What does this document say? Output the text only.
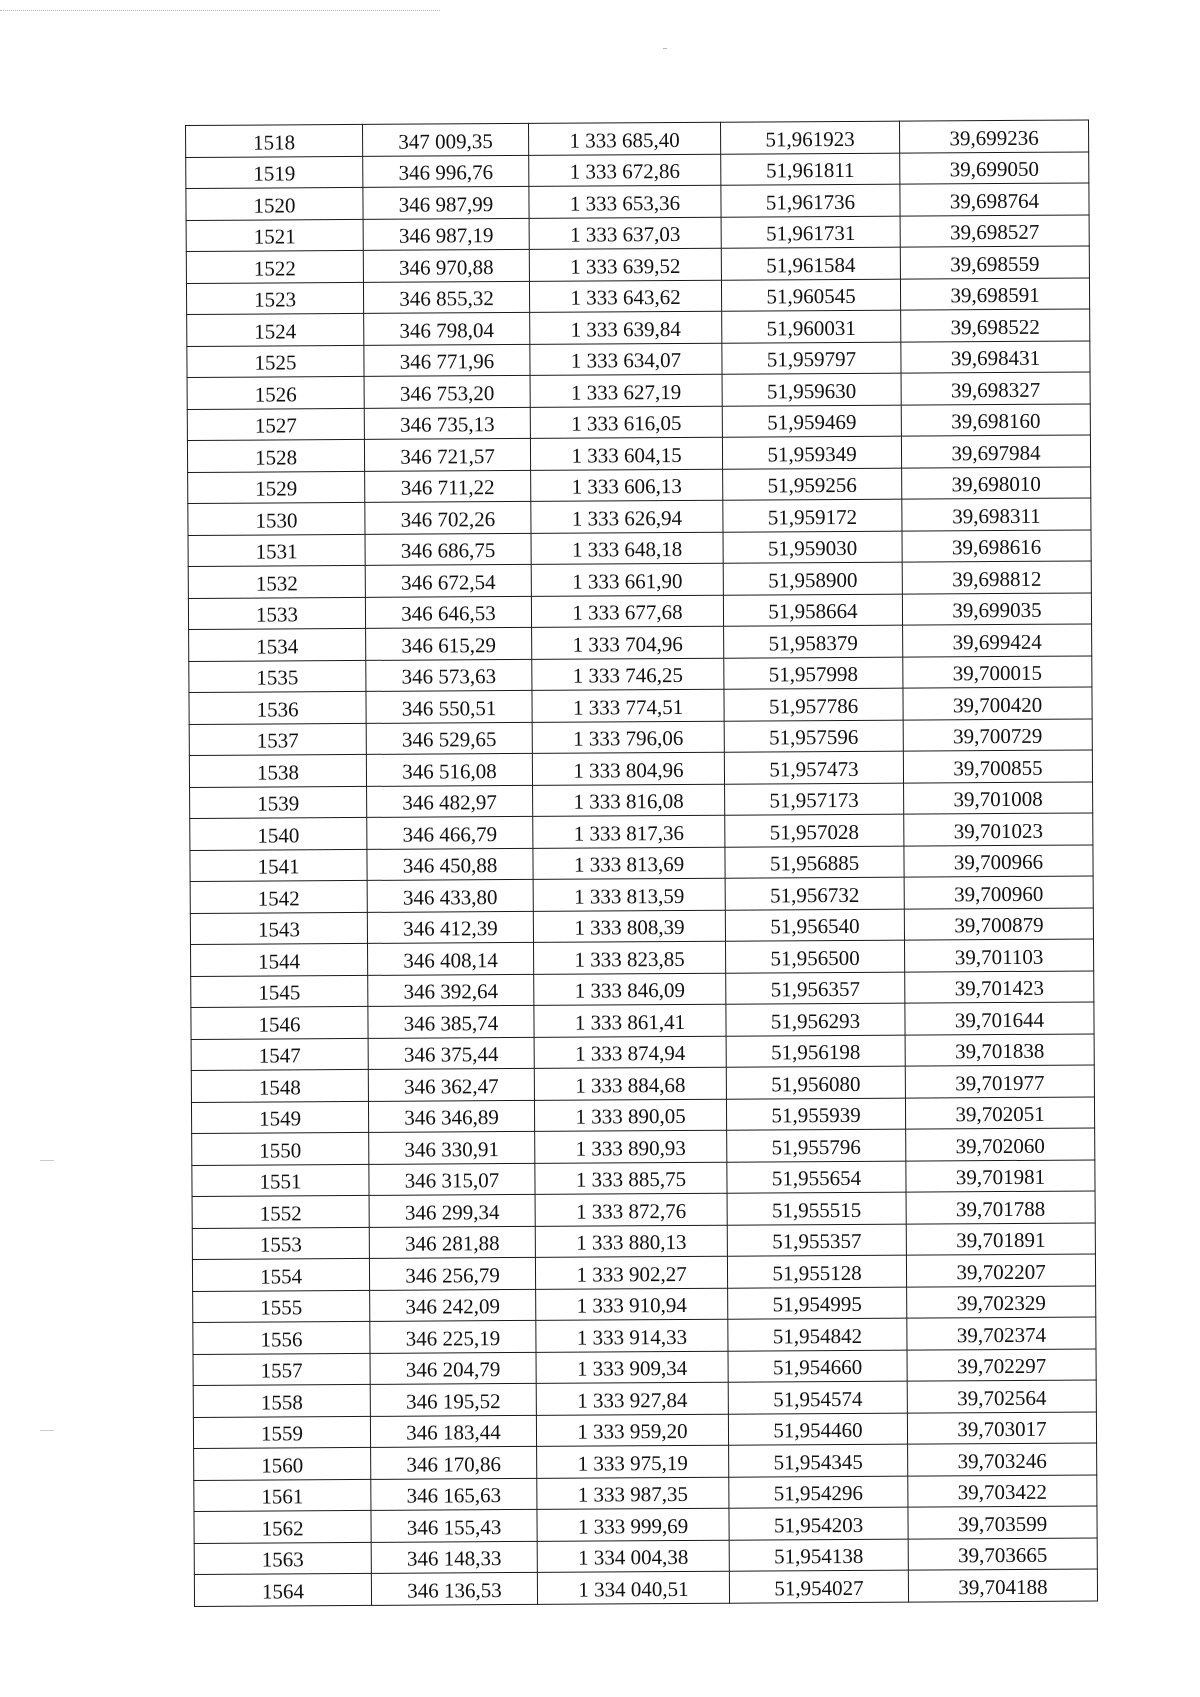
1518	347 009,35	1 333 685,40	51,961923	39,699236
1519	346 996,76	1 333 672,86	51,961811	39,699050
1520	346 987,99	1 333 653,36	51,961736	39,698764
1521	346 987,19	1 333 637,03	51,961731	39,698527
1522	346 970,88	1 333 639,52	51,961584	39,698559
1523	346 855,32	1 333 643,62	51,960545	39,698591
1524	346 798,04	1 333 639,84	51,960031	39,698522
1525	346 771,96	1 333 634,07	51,959797	39,698431
1526	346 753,20	1 333 627,19	51,959630	39,698327
1527	346 735,13	1 333 616,05	51,959469	39,698160
1528	346 721,57	1 333 604,15	51,959349	39,697984
1529	346 711,22	1 333 606,13	51,959256	39,698010
1530	346 702,26	1 333 626,94	51,959172	39,698311
1531	346 686,75	1 333 648,18	51,959030	39,698616
1532	346 672,54	1 333 661,90	51,958900	39,698812
1533	346 646,53	1 333 677,68	51,958664	39,699035
1534	346 615,29	1 333 704,96	51,958379	39,699424
1535	346 573,63	1 333 746,25	51,957998	39,700015
1536	346 550,51	1 333 774,51	51,957786	39,700420
1537	346 529,65	1 333 796,06	51,957596	39,700729
1538	346 516,08	1 333 804,96	51,957473	39,700855
1539	346 482,97	1 333 816,08	51,957173	39,701008
1540	346 466,79	1 333 817,36	51,957028	39,701023
1541	346 450,88	1 333 813,69	51,956885	39,700966
1542	346 433,80	1 333 813,59	51,956732	39,700960
1543	346 412,39	1 333 808,39	51,956540	39,700879
1544	346 408,14	1 333 823,85	51,956500	39,701103
1545	346 392,64	1 333 846,09	51,956357	39,701423
1546	346 385,74	1 333 861,41	51,956293	39,701644
1547	346 375,44	1 333 874,94	51,956198	39,701838
1548	346 362,47	1 333 884,68	51,956080	39,701977
1549	346 346,89	1 333 890,05	51,955939	39,702051
1550	346 330,91	1 333 890,93	51,955796	39,702060
1551	346 315,07	1 333 885,75	51,955654	39,701981
1552	346 299,34	1 333 872,76	51,955515	39,701788
1553	346 281,88	1 333 880,13	51,955357	39,701891
1554	346 256,79	1 333 902,27	51,955128	39,702207
1555	346 242,09	1 333 910,94	51,954995	39,702329
1556	346 225,19	1 333 914,33	51,954842	39,702374
1557	346 204,79	1 333 909,34	51,954660	39,702297
1558	346 195,52	1 333 927,84	51,954574	39,702564
1559	346 183,44	1 333 959,20	51,954460	39,703017
1560	346 170,86	1 333 975,19	51,954345	39,703246
1561	346 165,63	1 333 987,35	51,954296	39,703422
1562	346 155,43	1 333 999,69	51,954203	39,703599
1563	346 148,33	1 334 004,38	51,954138	39,703665
1564	346 136,53	1 334 040,51	51,954027	39,704188
